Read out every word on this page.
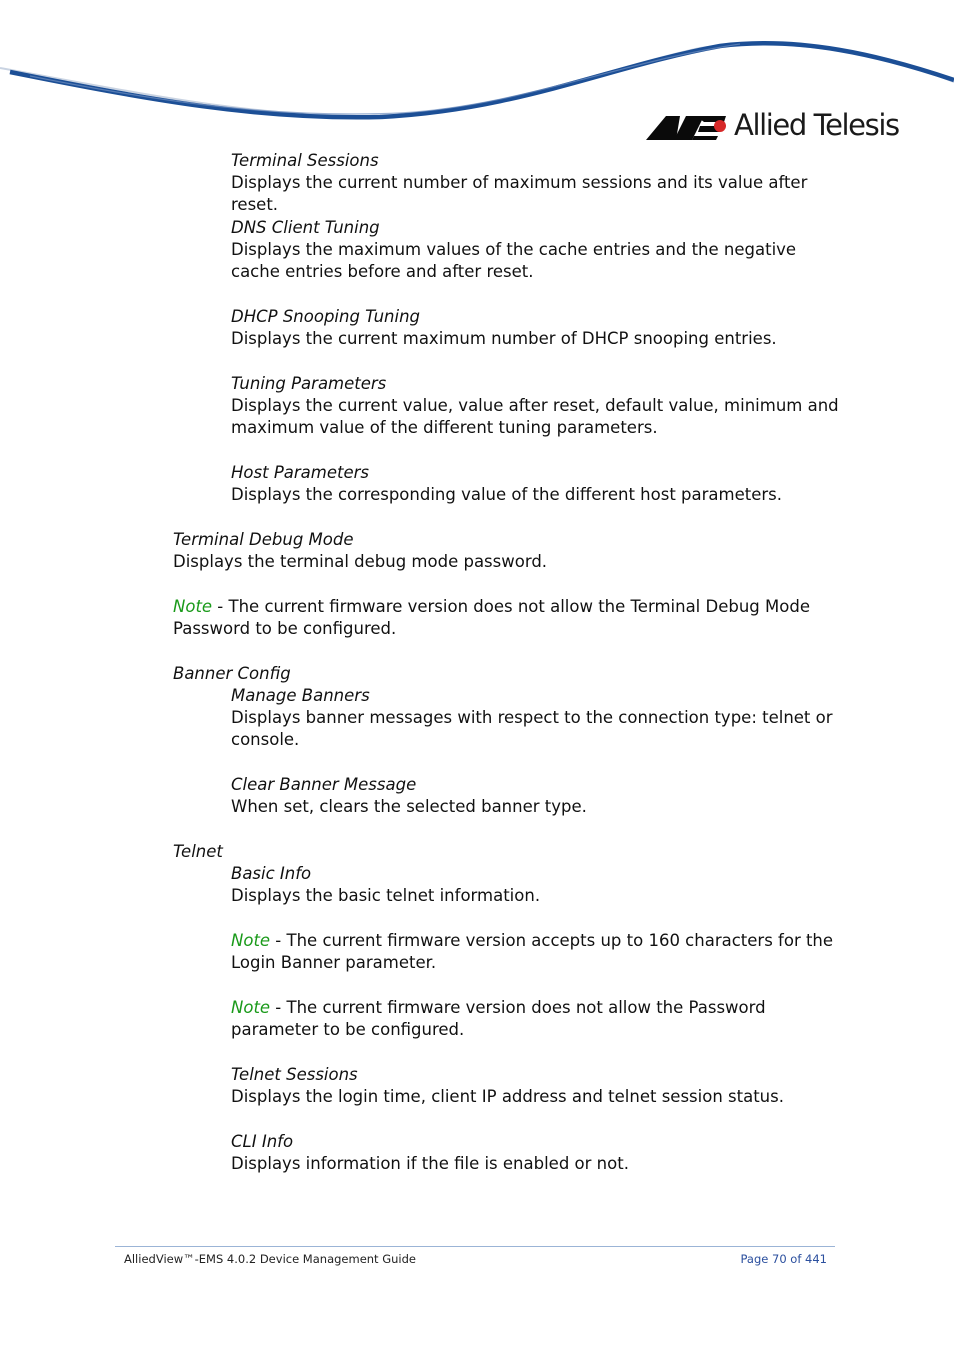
Allied Telesis
Terminal Sessions
Displays the current number of maximum sessions and its value after reset.
DNS Client Tuning
Displays the maximum values of the cache entries and the negative cache entries before and after reset.
DHCP Snooping Tuning
Displays the current maximum number of DHCP snooping entries.
Tuning Parameters
Displays the current value, value after reset, default value, minimum and maximum value of the different tuning parameters.
Host Parameters
Displays the corresponding value of the different host parameters.
Terminal Debug Mode
Displays the terminal debug mode password.
Note - The current firmware version does not allow the Terminal Debug Mode Password to be configured.
Banner Config
Manage Banners
Displays banner messages with respect to the connection type: telnet or console.
Clear Banner Message
When set, clears the selected banner type.
Telnet
Basic Info
Displays the basic telnet information.
Note - The current firmware version accepts up to 160 characters for the Login Banner parameter.
Note - The current firmware version does not allow the Password parameter to be configured.
Telnet Sessions
Displays the login time, client IP address and telnet session status.
CLI Info
Displays information if the file is enabled or not.
AlliedView™-EMS 4.0.2 Device Management Guide	Page 70 of 441
